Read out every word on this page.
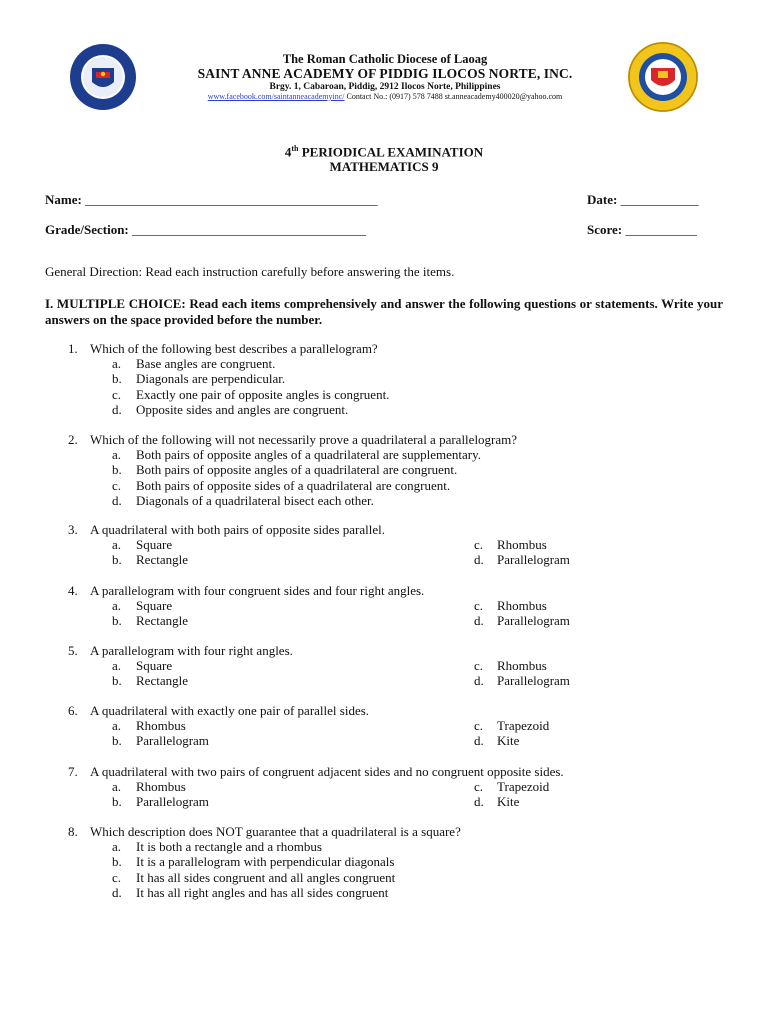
The Roman Catholic Diocese of Laoag
SAINT ANNE ACADEMY OF PIDDIG ILOCOS NORTE, INC.
Brgy. 1, Cabaroan, Piddig, 2912 Ilocos Norte, Philippines
www.facebook.com/saintanneacademyinc/ Contact No.: (0917) 578 7488 st.anneacademy400020@yahoo.com
4th PERIODICAL EXAMINATION
MATHEMATICS 9
Name: _____________________________________________	Date: ____________
Grade/Section: ____________________________________	Score: ___________
General Direction: Read each instruction carefully before answering the items.
I. MULTIPLE CHOICE: Read each items comprehensively and answer the following questions or statements. Write your answers on the space provided before the number.
1. Which of the following best describes a parallelogram?
a. Base angles are congruent.
b. Diagonals are perpendicular.
c. Exactly one pair of opposite angles is congruent.
d. Opposite sides and angles are congruent.
2. Which of the following will not necessarily prove a quadrilateral a parallelogram?
a. Both pairs of opposite angles of a quadrilateral are supplementary.
b. Both pairs of opposite angles of a quadrilateral are congruent.
c. Both pairs of opposite sides of a quadrilateral are congruent.
d. Diagonals of a quadrilateral bisect each other.
3. A quadrilateral with both pairs of opposite sides parallel.
a. Square	c. Rhombus
b. Rectangle	d. Parallelogram
4. A parallelogram with four congruent sides and four right angles.
a. Square	c. Rhombus
b. Rectangle	d. Parallelogram
5. A parallelogram with four right angles.
a. Square	c. Rhombus
b. Rectangle	d. Parallelogram
6. A quadrilateral with exactly one pair of parallel sides.
a. Rhombus	c. Trapezoid
b. Parallelogram	d. Kite
7. A quadrilateral with two pairs of congruent adjacent sides and no congruent opposite sides.
a. Rhombus	c. Trapezoid
b. Parallelogram	d. Kite
8. Which description does NOT guarantee that a quadrilateral is a square?
a. It is both a rectangle and a rhombus
b. It is a parallelogram with perpendicular diagonals
c. It has all sides congruent and all angles congruent
d. It has all right angles and has all sides congruent
